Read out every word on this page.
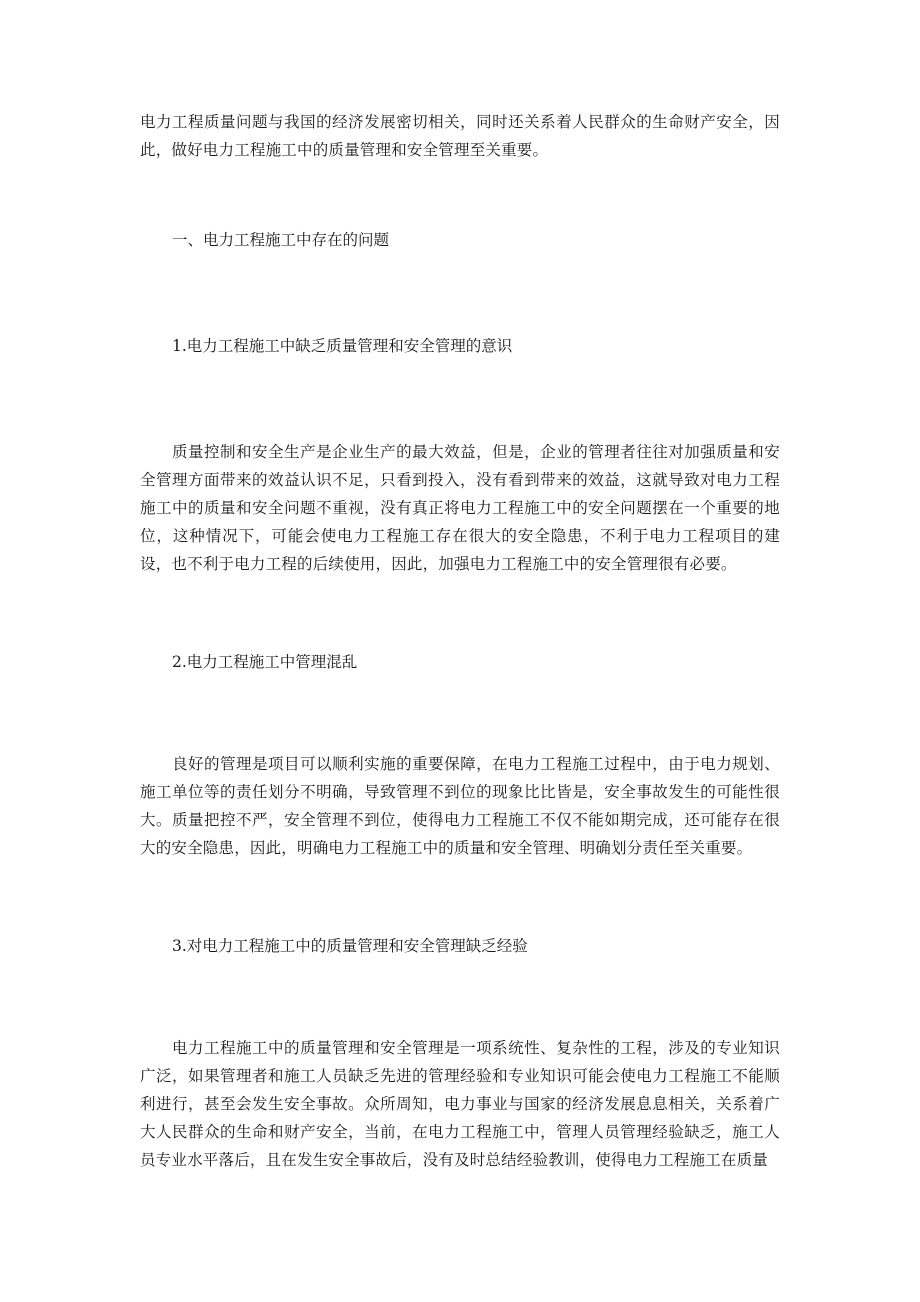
电力工程质量问题与我国的经济发展密切相关，同时还关系着人民群众的生命财产安全，因此，做好电力工程施工中的质量管理和安全管理至关重要。

一、电力工程施工中存在的问题

1.电力工程施工中缺乏质量管理和安全管理的意识

质量控制和安全生产是企业生产的最大效益，但是，企业的管理者往往对加强质量和安全管理方面带来的效益认识不足，只看到投入，没有看到带来的效益，这就导致对电力工程施工中的质量和安全问题不重视，没有真正将电力工程施工中的安全问题摆在一个重要的地位，这种情况下，可能会使电力工程施工存在很大的安全隐患，不利于电力工程项目的建设，也不利于电力工程的后续使用，因此，加强电力工程施工中的安全管理很有必要。

2.电力工程施工中管理混乱

良好的管理是项目可以顺利实施的重要保障，在电力工程施工过程中，由于电力规划、施工单位等的责任划分不明确，导致管理不到位的现象比比皆是，安全事故发生的可能性很大。质量把控不严，安全管理不到位，使得电力工程施工不仅不能如期完成，还可能存在很大的安全隐患，因此，明确电力工程施工中的质量和安全管理、明确划分责任至关重要。

3.对电力工程施工中的质量管理和安全管理缺乏经验

电力工程施工中的质量管理和安全管理是一项系统性、复杂性的工程，涉及的专业知识广泛，如果管理者和施工人员缺乏先进的管理经验和专业知识可能会使电力工程施工不能顺利进行，甚至会发生安全事故。众所周知，电力事业与国家的经济发展息息相关，关系着广大人民群众的生命和财产安全，当前，在电力工程施工中，管理人员管理经验缺乏，施工人员专业水平落后，且在发生安全事故后，没有及时总结经验教训，使得电力工程施工在质量
